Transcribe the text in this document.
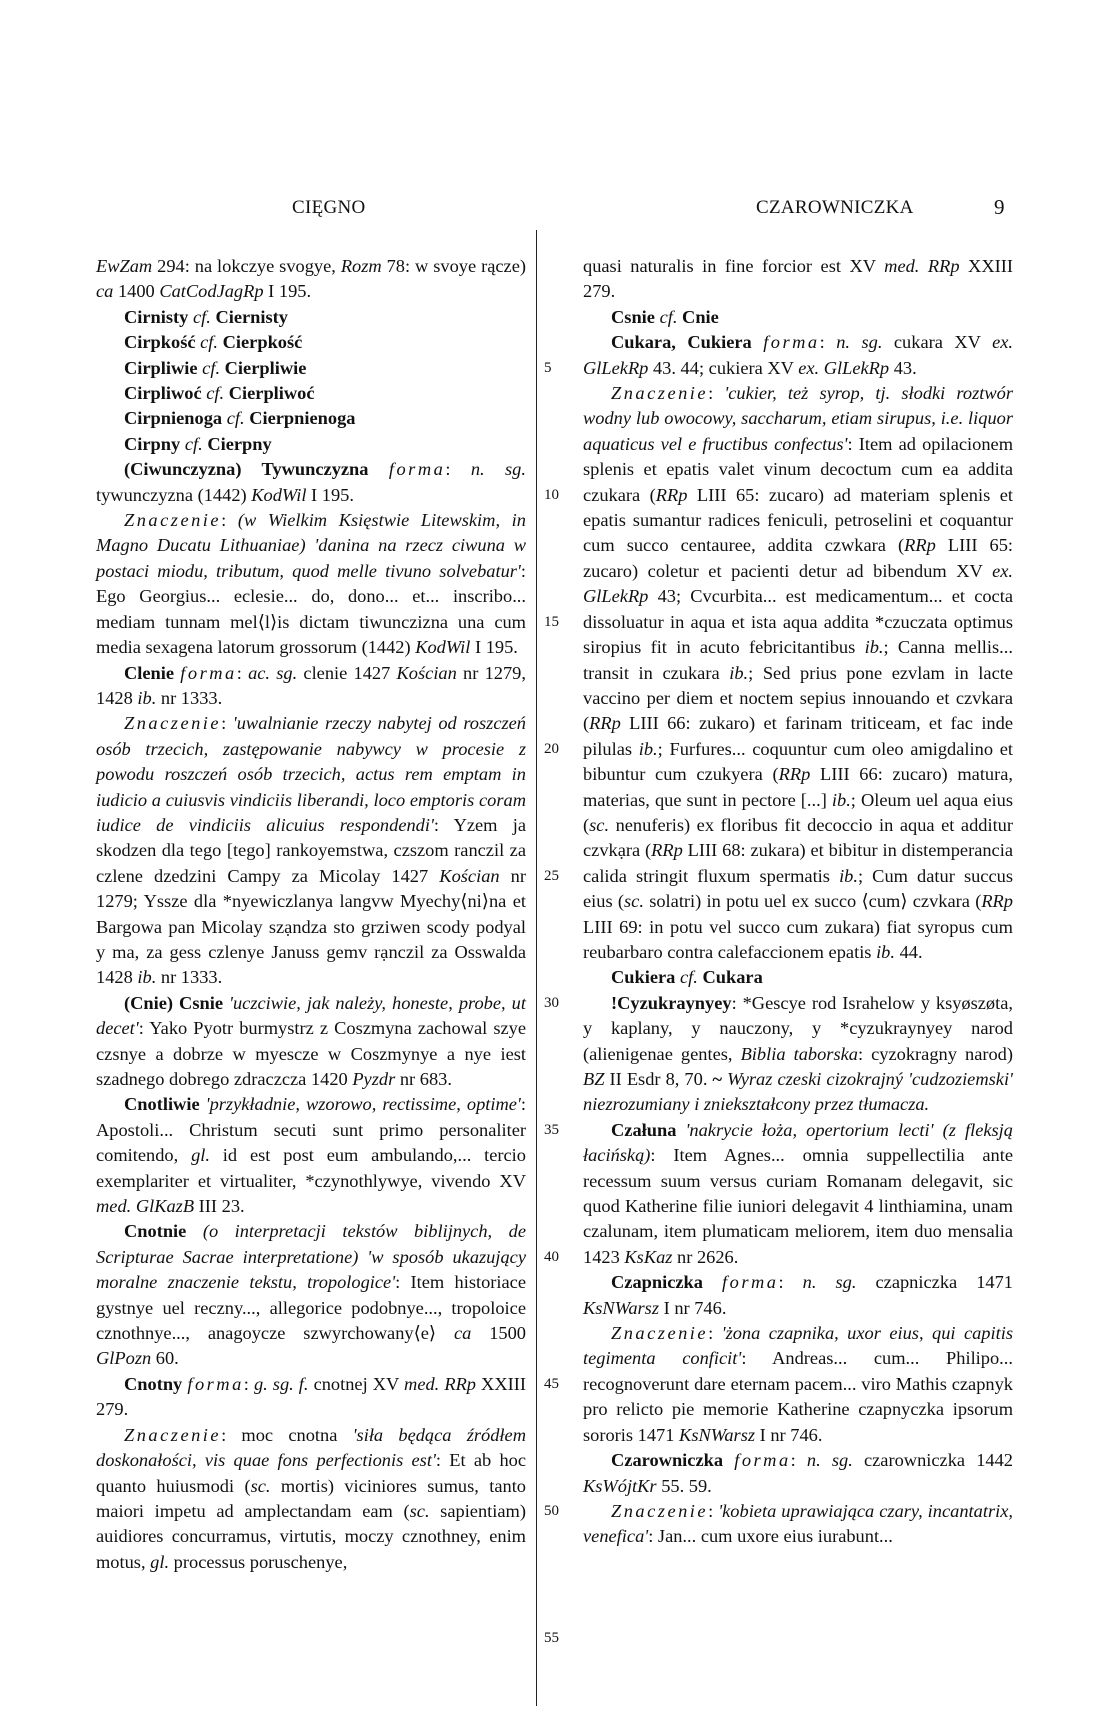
CIĘGNO	CZAROWNICZKA	9

EwZam 294: na lokczye svogye, Rozm 78: w svoye rącze) ca 1400 CatCodJagRp I 195.

Cirnisty cf. Ciernisty

Cirpkość cf. Cierpkość

Cirpliwie cf. Cierpliwie

Cirpliwoć cf. Cierpliwoć

Cirpnienoga cf. Cierpnienoga

Cirpny cf. Cierpny

(Ciwunczyzna) Tywunczyzna forma: n. sg. tywunczyzna (1442) KodWil I 195.

Znaczenie: (w Wielkim Księstwie Litewskim, in Magno Ducatu Lithuaniae) 'danina na rzecz ciwuna w postaci miodu, tributum, quod melle tivuno solvebatur': Ego Georgius... eclesie... do, dono... et... inscribo... mediam tunnam mel⟨l⟩is dictam tiwunczizna una cum media sexagena latorum grossorum (1442) KodWil I 195.

Clenie forma: ac. sg. clenie 1427 Kościan nr 1279, 1428 ib. nr 1333.

Znaczenie: 'uwalnianie rzeczy nabytej od roszczeń osób trzecich, zastępowanie nabywcy w procesie z powodu roszczeń osób trzecich, actus rem emptam in iudicio a cuiusvis vindiciis liberandi, loco emptoris coram iudice de vindiciis alicuius respondendi': Yzem ja skodzen dla tego [tego] rankoyemstwa, czszom ranczil za czlene dzedzini Campy za Micolay 1427 Kościan nr 1279; Yssze dla *nyewiczlanya langvw Myechy⟨ni⟩na et Bargowa pan Micolay szạndza sto grziwen scody podyal y ma, za gess czlenye Januss gemv rạnczil za Osswalda 1428 ib. nr 1333.

(Cnie) Csnie 'uczciwie, jak należy, honeste, probe, ut decet': Yako Pyotr burmystrz z Coszmyna zachowal szye czsnye a dobrze w myescze w Coszmynye a nye iest szadnego dobrego zdraczcza 1420 Pyzdr nr 683.

Cnotliwie 'przykładnie, wzorowo, rectissime, optime': Apostoli... Christum secuti sunt primo personaliter comitendo, gl. id est post eum ambulando,... tercio exemplariter et virtualiter, *czynothlywye, vivendo XV med. GlKazB III 23.

Cnotnie (o interpretacji tekstów biblijnych, de Scripturae Sacrae interpretatione) 'w sposób ukazujący moralne znaczenie tekstu, tropologice': Item historiace gystnye uel reczny..., allegorice podobnye..., tropoloice cznothnye..., anagoycze szwyrchowany⟨e⟩ ca 1500 GlPozn 60.

Cnotny forma: g. sg. f. cnotnej XV med. RRp XXIII 279.

Znaczenie: moc cnotna 'siła będąca źródłem doskonałości, vis quae fons perfectionis est': Et ab hoc quanto huiusmodi (sc. mortis) viciniores sumus, tanto maiori impetu ad amplectandam eam (sc. sapientiam) auidiores concurramus, virtutis, moczy cznothney, enim motus, gl. processus poruschenye,

5
10
15
20
25
30
35
40
45
50
55

quasi naturalis in fine forcior est XV med. RRp XXIII 279.

Csnie cf. Cnie

Cukara, Cukiera forma: n. sg. cukara XV ex. GlLekRp 43. 44; cukiera XV ex. GlLekRp 43.

Znaczenie: 'cukier, też syrop, tj. słodki roztwór wodny lub owocowy, saccharum, etiam sirupus, i.e. liquor aquaticus vel e fructibus confectus': Item ad opilacionem splenis et epatis valet vinum decoctum cum ea addita czukara (RRp LIII 65: zucaro) ad materiam splenis et epatis sumantur radices feniculi, petroselini et coquantur cum succo centauree, addita czwkara (RRp LIII 65: zucaro) coletur et pacienti detur ad bibendum XV ex. GlLekRp 43; Cvcurbita... est medicamentum... et cocta dissoluatur in aqua et ista aqua addita *czuczata optimus siropius fit in acuto febricitantibus ib.; Canna mellis... transit in czukara ib.; Sed prius pone ezvlam in lacte vaccino per diem et noctem sepius innouando et czvkara (RRp LIII 66: zukaro) et farinam triticeam, et fac inde pilulas ib.; Furfures... coquuntur cum oleo amigdalino et bibuntur cum czukyera (RRp LIII 66: zucaro) matura, materias, que sunt in pectore [...] ib.; Oleum uel aqua eius (sc. nenuferis) ex floribus fit decoccio in aqua et additur czvkạra (RRp LIII 68: zukara) et bibitur in distemperancia calida stringit fluxum spermatis ib.; Cum datur succus eius (sc. solatri) in potu uel ex succo ⟨cum⟩ czvkara (RRp LIII 69: in potu vel succo cum zukara) fiat syropus cum reubarbaro contra calefaccionem epatis ib. 44.

Cukiera cf. Cukara

!Cyzukraynyey: *Gescye rod Israhelow y ksyøszøta, y kaplany, y nauczony, y *cyzukraynyey narod (alienigenae gentes, Biblia taborska: cyzokragny narod) BZ II Esdr 8, 70. ~ Wyraz czeski cizokrajný 'cudzoziemski' niezrozumiany i zniekształcony przez tłumacza.

Czałuna 'nakrycie łoża, opertorium lecti' (z fleksją łacińską): Item Agnes... omnia suppellectilia ante recessum suum versus curiam Romanam delegavit, sic quod Katherine filie iuniori delegavit 4 linthiamina, unam czalunam, item plumaticam meliorem, item duo mensalia 1423 KsKaz nr 2626.

Czapniczka forma: n. sg. czapniczka 1471 KsNWarsz I nr 746.

Znaczenie: 'żona czapnika, uxor eius, qui capitis tegimenta conficit': Andreas... cum... Philipo... recognoverunt dare eternam pacem... viro Mathis czapnyk pro relicto pie memorie Katherine czapnyczka ipsorum sororis 1471 KsNWarsz I nr 746.

Czarowniczka forma: n. sg. czarowniczka 1442 KsWójtKr 55. 59.

Znaczenie: 'kobieta uprawiająca czary, incantatrix, venefica': Jan... cum uxore eius iurabunt...
